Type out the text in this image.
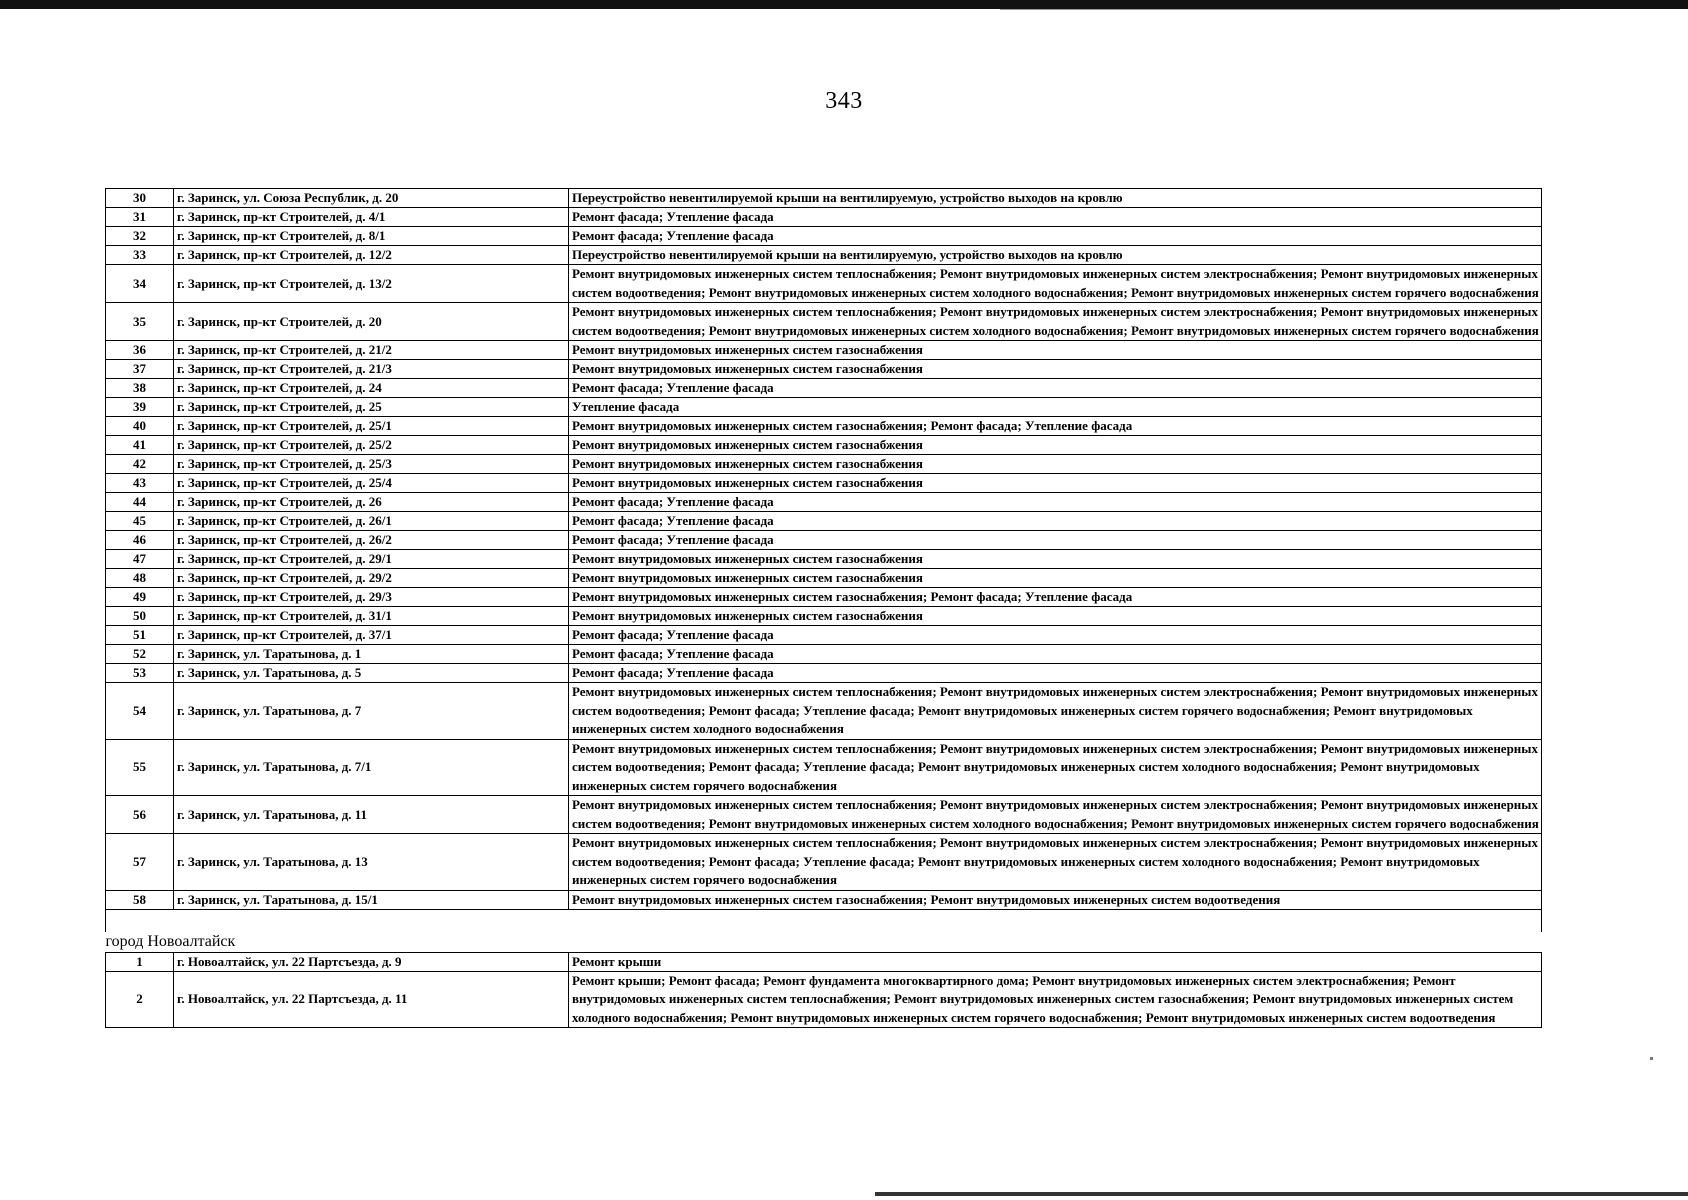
343
30	г. Заринск, ул. Союза Республик, д. 20	Переустройство невентилируемой крыши на вентилируемую, устройство выходов на кровлю
31	г. Заринск, пр-кт Строителей, д. 4/1	Ремонт фасада; Утепление фасада
32	г. Заринск, пр-кт Строителей, д. 8/1	Ремонт фасада; Утепление фасада
33	г. Заринск, пр-кт Строителей, д. 12/2	Переустройство невентилируемой крыши на вентилируемую, устройство выходов на кровлю
34	г. Заринск, пр-кт Строителей, д. 13/2	Ремонт внутридомовых инженерных систем теплоснабжения; Ремонт внутридомовых инженерных систем электроснабжения; Ремонт внутридомовых инженерных систем водоотведения; Ремонт внутридомовых инженерных систем холодного водоснабжения; Ремонт внутридомовых инженерных систем горячего водоснабжения
35	г. Заринск, пр-кт Строителей, д. 20	Ремонт внутридомовых инженерных систем теплоснабжения; Ремонт внутридомовых инженерных систем электроснабжения; Ремонт внутридомовых инженерных систем водоотведения; Ремонт внутридомовых инженерных систем холодного водоснабжения; Ремонт внутридомовых инженерных систем горячего водоснабжения
36	г. Заринск, пр-кт Строителей, д. 21/2	Ремонт внутридомовых инженерных систем газоснабжения
37	г. Заринск, пр-кт Строителей, д. 21/3	Ремонт внутридомовых инженерных систем газоснабжения
38	г. Заринск, пр-кт Строителей, д. 24	Ремонт фасада; Утепление фасада
39	г. Заринск, пр-кт Строителей, д. 25	Утепление фасада
40	г. Заринск, пр-кт Строителей, д. 25/1	Ремонт внутридомовых инженерных систем газоснабжения; Ремонт фасада; Утепление фасада
41	г. Заринск, пр-кт Строителей, д. 25/2	Ремонт внутридомовых инженерных систем газоснабжения
42	г. Заринск, пр-кт Строителей, д. 25/3	Ремонт внутридомовых инженерных систем газоснабжения
43	г. Заринск, пр-кт Строителей, д. 25/4	Ремонт внутридомовых инженерных систем газоснабжения
44	г. Заринск, пр-кт Строителей, д. 26	Ремонт фасада; Утепление фасада
45	г. Заринск, пр-кт Строителей, д. 26/1	Ремонт фасада; Утепление фасада
46	г. Заринск, пр-кт Строителей, д. 26/2	Ремонт фасада; Утепление фасада
47	г. Заринск, пр-кт Строителей, д. 29/1	Ремонт внутридомовых инженерных систем газоснабжения
48	г. Заринск, пр-кт Строителей, д. 29/2	Ремонт внутридомовых инженерных систем газоснабжения
49	г. Заринск, пр-кт Строителей, д. 29/3	Ремонт внутридомовых инженерных систем газоснабжения; Ремонт фасада; Утепление фасада
50	г. Заринск, пр-кт Строителей, д. 31/1	Ремонт внутридомовых инженерных систем газоснабжения
51	г. Заринск, пр-кт Строителей, д. 37/1	Ремонт фасада; Утепление фасада
52	г. Заринск, ул. Таратынова, д. 1	Ремонт фасада; Утепление фасада
53	г. Заринск, ул. Таратынова, д. 5	Ремонт фасада; Утепление фасада
54	г. Заринск, ул. Таратынова, д. 7	Ремонт внутридомовых инженерных систем теплоснабжения; Ремонт внутридомовых инженерных систем электроснабжения; Ремонт внутридомовых инженерных систем водоотведения; Ремонт фасада; Утепление фасада; Ремонт внутридомовых инженерных систем горячего водоснабжения; Ремонт внутридомовых инженерных систем холодного водоснабжения
55	г. Заринск, ул. Таратынова, д. 7/1	Ремонт внутридомовых инженерных систем теплоснабжения; Ремонт внутридомовых инженерных систем электроснабжения; Ремонт внутридомовых инженерных систем водоотведения; Ремонт фасада; Утепление фасада; Ремонт внутридомовых инженерных систем холодного водоснабжения; Ремонт внутридомовых инженерных систем горячего водоснабжения
56	г. Заринск, ул. Таратынова, д. 11	Ремонт внутридомовых инженерных систем теплоснабжения; Ремонт внутридомовых инженерных систем электроснабжения; Ремонт внутридомовых инженерных систем водоотведения; Ремонт внутридомовых инженерных систем холодного водоснабжения; Ремонт внутридомовых инженерных систем горячего водоснабжения
57	г. Заринск, ул. Таратынова, д. 13	Ремонт внутридомовых инженерных систем теплоснабжения; Ремонт внутридомовых инженерных систем электроснабжения; Ремонт внутридомовых инженерных систем водоотведения; Ремонт фасада; Утепление фасада; Ремонт внутридомовых инженерных систем холодного водоснабжения; Ремонт внутридомовых инженерных систем горячего водоснабжения
58	г. Заринск, ул. Таратынова, д. 15/1	Ремонт внутридомовых инженерных систем газоснабжения; Ремонт внутридомовых инженерных систем водоотведения

город Новоалтайск		
1	г. Новоалтайск, ул. 22 Партсъезда, д. 9	Ремонт крыши
2	г. Новоалтайск, ул. 22 Партсъезда, д. 11	Ремонт крыши; Ремонт фасада; Ремонт фундамента многоквартирного дома; Ремонт внутридомовых инженерных систем электроснабжения; Ремонт внутридомовых инженерных систем теплоснабжения; Ремонт внутридомовых инженерных систем газоснабжения; Ремонт внутридомовых инженерных систем холодного водоснабжения; Ремонт внутридомовых инженерных систем горячего водоснабжения; Ремонт внутридомовых инженерных систем водоотведения
